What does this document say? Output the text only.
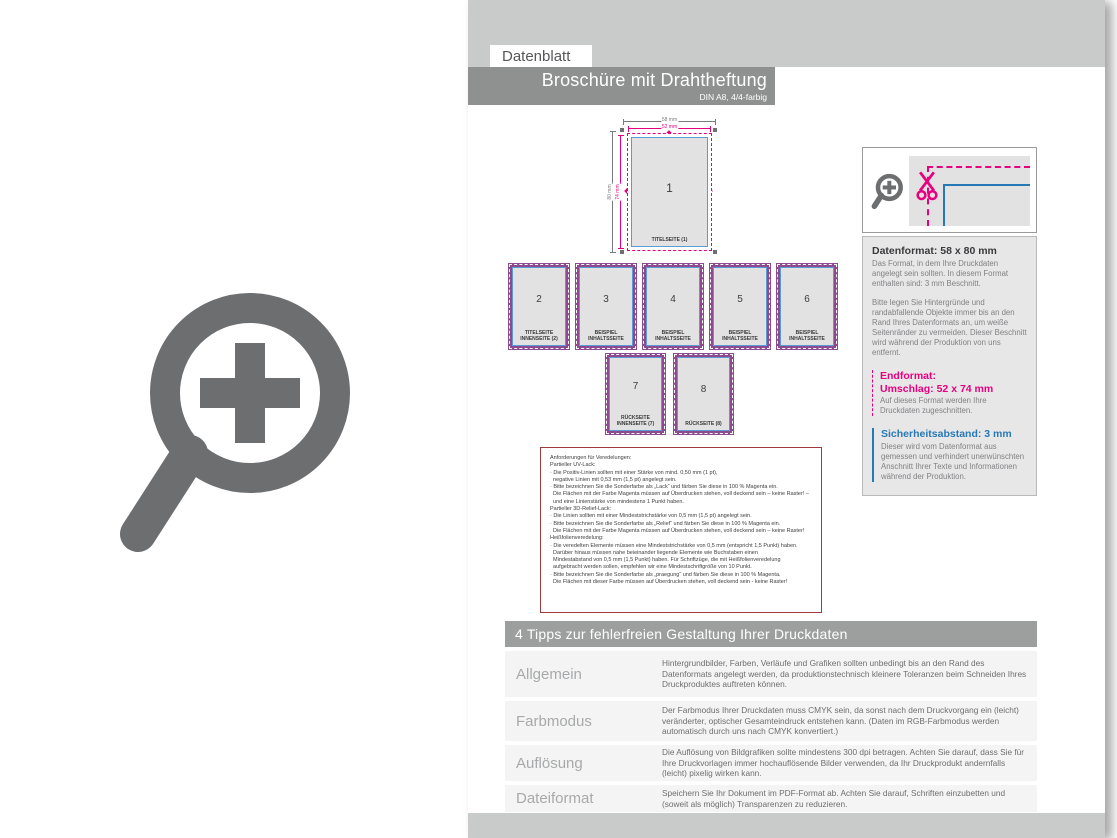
Datenblatt
Broschüre mit Drahtheftung
DIN A8, 4/4-farbig
58 mm
52 mm
80 mm 74 mm	1
TITELSEITE (1)
2
TITELSEITE
INNENSEITE (2)
3
BEISPIEL INHALTSSEITE
4
BEISPIEL INHALTSSEITE
5
BEISPIEL INHALTSSEITE
6
BEISPIEL INHALTSSEITE
7
RÜCKSEITE
INNENSEITE (7)
8
RÜCKSEITE (8)
Datenformat: 58 x 80 mm
Das Format, in dem Ihre Druckdaten angelegt sein sollten. In diesem Format enthalten sind: 3 mm Beschnitt.
Bitte legen Sie Hintergründe und randabfallende Objekte immer bis an den Rand Ihres Datenformats an, um weiße Seitenränder zu vermeiden. Dieser Beschnitt wird während der Produktion von uns entfernt.
Endformat:
Umschlag: 52 x 74 mm
Auf dieses Format werden Ihre Druckdaten zugeschnitten.
Sicherheitsabstand: 3 mm
Dieser wird vom Datenformat aus gemessen und verhindert unerwünschten Anschnitt Ihrer Texte und Informationen während der Produktion.
Anforderungen für Veredelungen:
Partieller UV-Lack:
· Die Positiv-Linien sollten mit einer Stärke von mind. 0,50 mm (1 pt),
negative Linien mit 0,53 mm (1,5 pt) angelegt sein.
· Bitte bezeichnen Sie die Sonderfarbe als „Lack“ und färben Sie diese in 100 % Magenta ein.
Die Flächen mit der Farbe Magenta müssen auf Überdrucken stehen, voll deckend sein – keine Raster! –
und eine Linienstärke von mindestens 1 Punkt haben.
Partieller 3D-Relief-Lack:
· Die Linien sollten mit einer Mindeststrichstärke von 0,5 mm (1,5 pt) angelegt sein.
· Bitte bezeichnen Sie die Sonderfarbe als „Relief“ und färben Sie diese in 100 % Magenta ein.
Die Flächen mit der Farbe Magenta müssen auf Überdrucken stehen, voll deckend sein – keine Raster!
Heißfolienveredelung:
· Die veredelten Elemente müssen eine Mindeststrichstärke von 0,5 mm (entspricht 1,5 Punkt) haben.
Darüber hinaus müssen nahe beieinander liegende Elemente wie Buchstaben einen
Mindestabstand von 0,5 mm (1,5 Punkt) haben. Für Schriftzüge, die mit Heißfolienveredelung
aufgebracht werden sollen, empfehlen wir eine Mindestschriftgröße von 10 Punkt.
· Bitte bezeichnen Sie die Sonderfarbe als „praegung“ und färben Sie diese in 100 % Magenta.
Die Flächen mit dieser Farbe müssen auf Überdrucken stehen, voll deckend sein - keine Raster!
4 Tipps zur fehlerfreien Gestaltung Ihrer Druckdaten
Allgemein
Hintergrundbilder, Farben, Verläufe und Grafiken sollten unbedingt bis an den Rand des Datenformats angelegt werden, da produktionstechnisch kleinere Toleranzen beim Schneiden Ihres Druckproduktes auftreten können.
Farbmodus
Der Farbmodus Ihrer Druckdaten muss CMYK sein, da sonst nach dem Druckvorgang ein (leicht) veränderter, optischer Gesamteindruck entstehen kann. (Daten im RGB-Farbmodus werden automatisch durch uns nach CMYK konvertiert.)
Auflösung
Die Auflösung von Bildgrafiken sollte mindestens 300 dpi betragen. Achten Sie darauf, dass Sie für Ihre Druckvorlagen immer hochauflösende Bilder verwenden, da Ihr Druckprodukt andernfalls (leicht) pixelig wirken kann.
Dateiformat	Speichern Sie Ihr Dokument im PDF-Format ab. Achten Sie darauf, Schriften einzubetten und (soweit als möglich) Transparenzen zu reduzieren.
